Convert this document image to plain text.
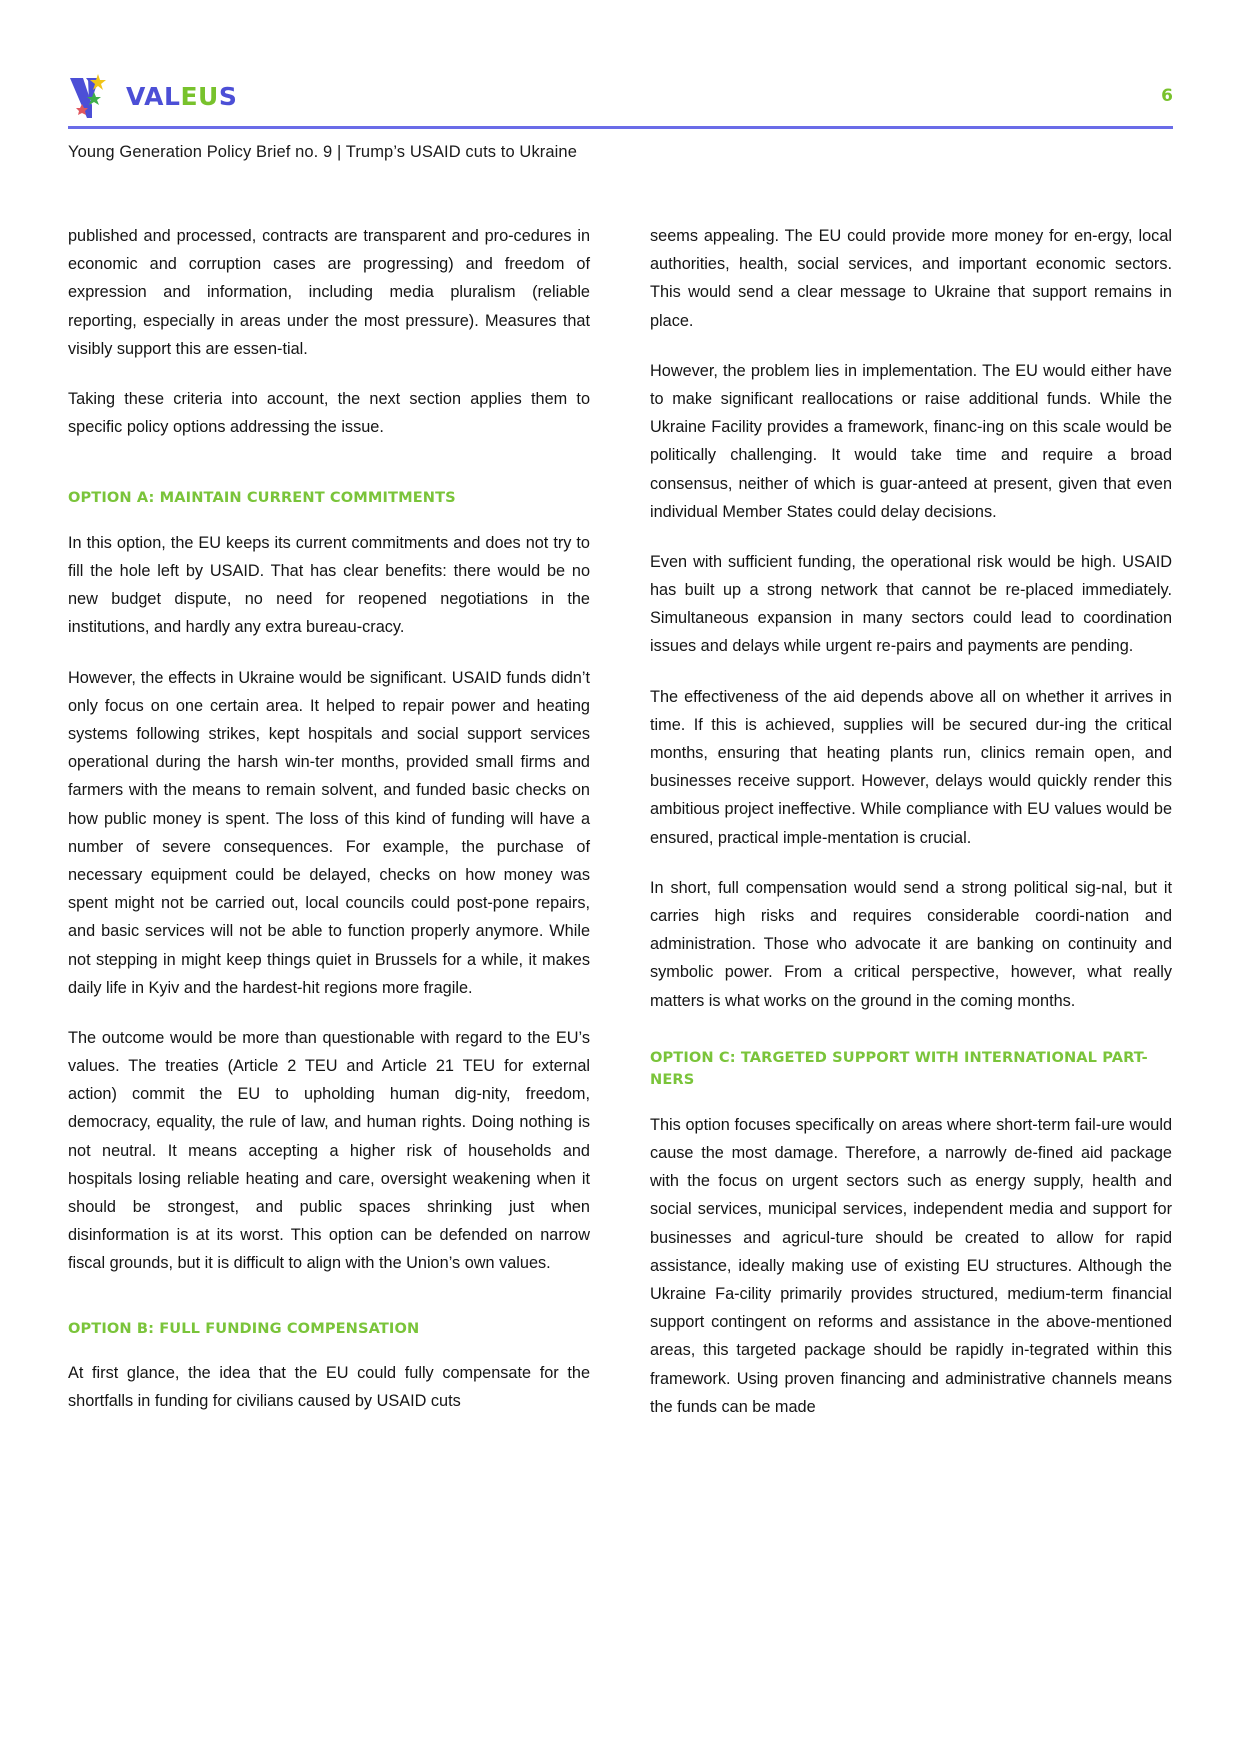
VALEUS	6
Young Generation Policy Brief no. 9 | Trump’s USAID cuts to Ukraine

published and processed, contracts are transparent and pro-cedures in economic and corruption cases are progressing) and freedom of expression and information, including media pluralism (reliable reporting, especially in areas under the most pressure). Measures that visibly support this are essen-tial.

Taking these criteria into account, the next section applies them to specific policy options addressing the issue.

OPTION A: MAINTAIN CURRENT COMMITMENTS

In this option, the EU keeps its current commitments and does not try to fill the hole left by USAID. That has clear benefits: there would be no new budget dispute, no need for reopened negotiations in the institutions, and hardly any extra bureau-cracy.

However, the effects in Ukraine would be significant. USAID funds didn’t only focus on one certain area. It helped to repair power and heating systems following strikes, kept hospitals and social support services operational during the harsh win-ter months, provided small firms and farmers with the means to remain solvent, and funded basic checks on how public money is spent. The loss of this kind of funding will have a number of severe consequences. For example, the purchase of necessary equipment could be delayed, checks on how money was spent might not be carried out, local councils could post-pone repairs, and basic services will not be able to function properly anymore. While not stepping in might keep things quiet in Brussels for a while, it makes daily life in Kyiv and the hardest-hit regions more fragile.

The outcome would be more than questionable with regard to the EU’s values. The treaties (Article 2 TEU and Article 21 TEU for external action) commit the EU to upholding human dig-nity, freedom, democracy, equality, the rule of law, and human rights. Doing nothing is not neutral. It means accepting a higher risk of households and hospitals losing reliable heating and care, oversight weakening when it should be strongest, and public spaces shrinking just when disinformation is at its worst. This option can be defended on narrow fiscal grounds, but it is difficult to align with the Union’s own values.

OPTION B: FULL FUNDING COMPENSATION

At first glance, the idea that the EU could fully compensate for the shortfalls in funding for civilians caused by USAID cuts

seems appealing. The EU could provide more money for en-ergy, local authorities, health, social services, and important economic sectors. This would send a clear message to Ukraine that support remains in place.

However, the problem lies in implementation. The EU would either have to make significant reallocations or raise additional funds. While the Ukraine Facility provides a framework, financ-ing on this scale would be politically challenging. It would take time and require a broad consensus, neither of which is guar-anteed at present, given that even individual Member States could delay decisions.

Even with sufficient funding, the operational risk would be high. USAID has built up a strong network that cannot be re-placed immediately. Simultaneous expansion in many sectors could lead to coordination issues and delays while urgent re-pairs and payments are pending.

The effectiveness of the aid depends above all on whether it arrives in time. If this is achieved, supplies will be secured dur-ing the critical months, ensuring that heating plants run, clinics remain open, and businesses receive support. However, delays would quickly render this ambitious project ineffective. While compliance with EU values would be ensured, practical imple-mentation is crucial.

In short, full compensation would send a strong political sig-nal, but it carries high risks and requires considerable coordi-nation and administration. Those who advocate it are banking on continuity and symbolic power. From a critical perspective, however, what really matters is what works on the ground in the coming months.

OPTION C: TARGETED SUPPORT WITH INTERNATIONAL PART-NERS

This option focuses specifically on areas where short-term fail-ure would cause the most damage. Therefore, a narrowly de-fined aid package with the focus on urgent sectors such as energy supply, health and social services, municipal services, independent media and support for businesses and agricul-ture should be created to allow for rapid assistance, ideally making use of existing EU structures. Although the Ukraine Fa-cility primarily provides structured, medium-term financial support contingent on reforms and assistance in the above-mentioned areas, this targeted package should be rapidly in-tegrated within this framework. Using proven financing and administrative channels means the funds can be made
